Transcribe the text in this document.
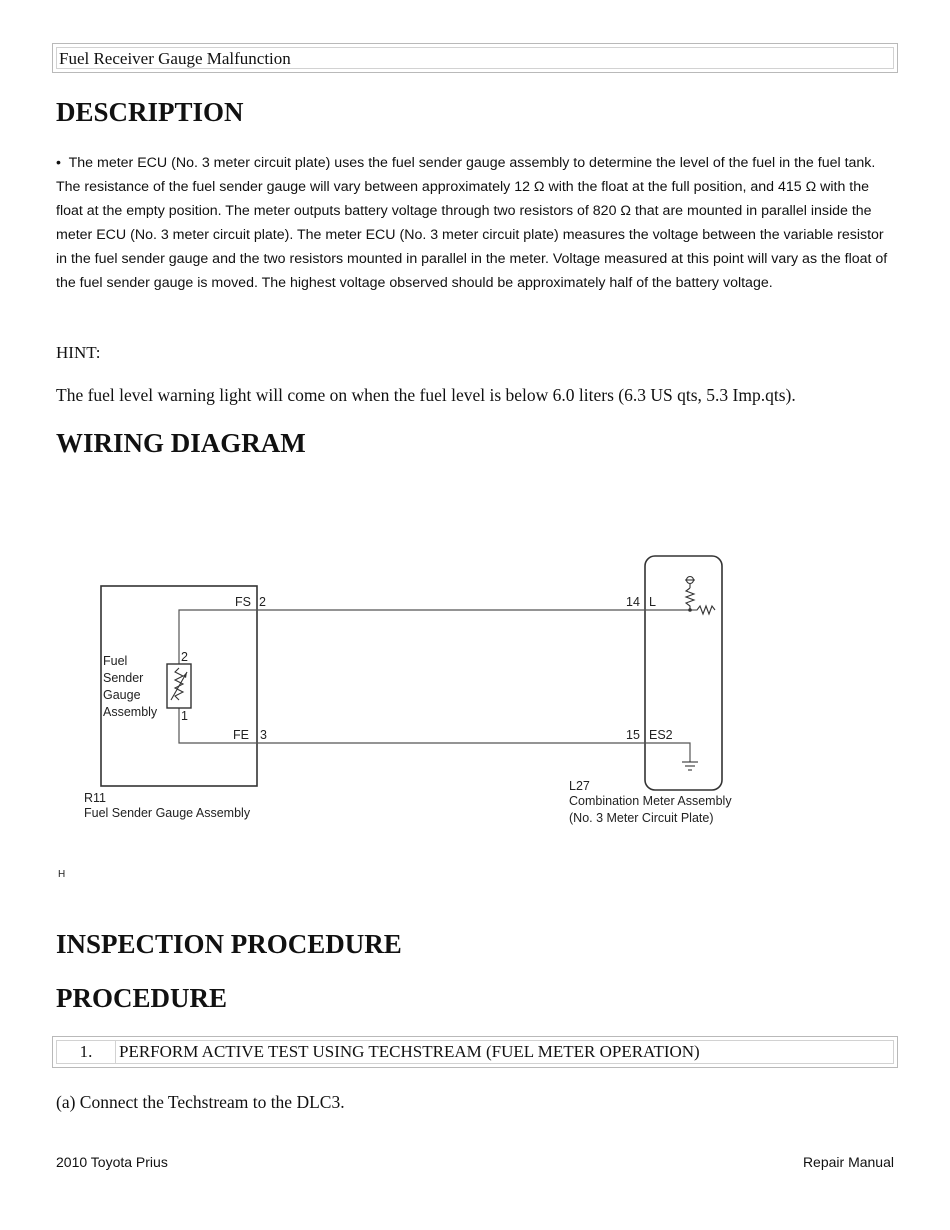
Fuel Receiver Gauge Malfunction
DESCRIPTION

• The meter ECU (No. 3 meter circuit plate) uses the fuel sender gauge assembly to determine the level of the fuel in the fuel tank. The resistance of the fuel sender gauge will vary between approximately 12 Ω with the float at the full position, and 415 Ω with the float at the empty position. The meter outputs battery voltage through two resistors of 820 Ω that are mounted in parallel inside the meter ECU (No. 3 meter circuit plate). The meter ECU (No. 3 meter circuit plate) measures the voltage between the variable resistor in the fuel sender gauge and the two resistors mounted in parallel in the meter. Voltage measured at this point will vary as the float of the fuel sender gauge is moved. The highest voltage observed should be approximately half of the battery voltage.

HINT:

The fuel level warning light will come on when the fuel level is below 6.0 liters (6.3 US qts, 5.3 Imp.qts).

WIRING DIAGRAM
FS 2
FE 3
Fuel
Sender
Gauge
Assembly
2
1
R11
Fuel Sender Gauge Assembly
14 L
15 ES2
L27
Combination Meter Assembly
(No. 3 Meter Circuit Plate)
H
INSPECTION PROCEDURE
PROCEDURE
1.	PERFORM ACTIVE TEST USING TECHSTREAM (FUEL METER OPERATION)

(a) Connect the Techstream to the DLC3.

2010 Toyota Prius	Repair Manual
